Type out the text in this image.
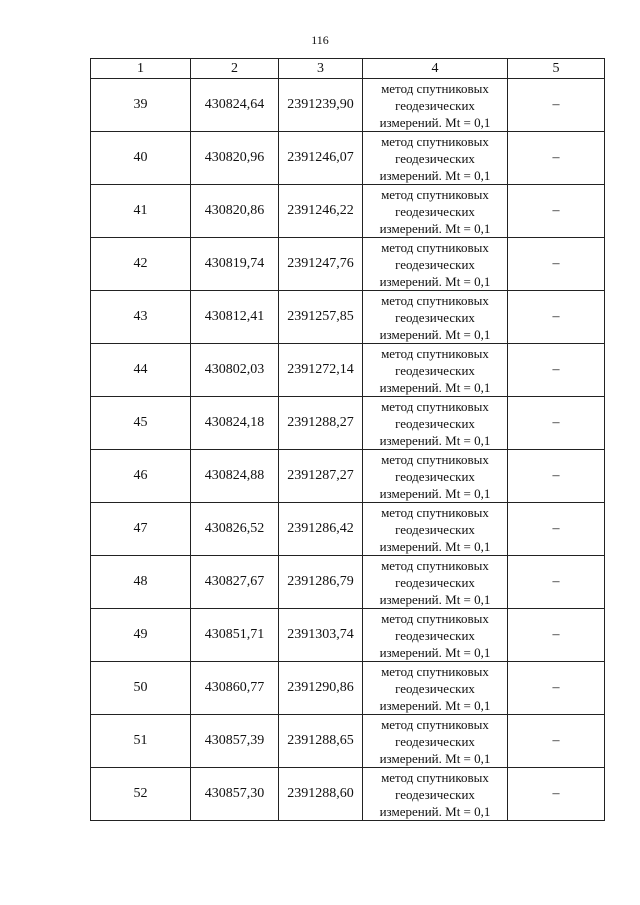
116
1	2	3	4	5
39	430824,64	2391239,90	метод спутниковых
геодезических
измерений. Mt = 0,1	–
40	430820,96	2391246,07	метод спутниковых
геодезических
измерений. Mt = 0,1	–
41	430820,86	2391246,22	метод спутниковых
геодезических
измерений. Mt = 0,1	–
42	430819,74	2391247,76	метод спутниковых
геодезических
измерений. Mt = 0,1	–
43	430812,41	2391257,85	метод спутниковых
геодезических
измерений. Mt = 0,1	–
44	430802,03	2391272,14	метод спутниковых
геодезических
измерений. Mt = 0,1	–
45	430824,18	2391288,27	метод спутниковых
геодезических
измерений. Mt = 0,1	–
46	430824,88	2391287,27	метод спутниковых
геодезических
измерений. Mt = 0,1	–
47	430826,52	2391286,42	метод спутниковых
геодезических
измерений. Mt = 0,1	–
48	430827,67	2391286,79	метод спутниковых
геодезических
измерений. Mt = 0,1	–
49	430851,71	2391303,74	метод спутниковых
геодезических
измерений. Mt = 0,1	–
50	430860,77	2391290,86	метод спутниковых
геодезических
измерений. Mt = 0,1	–
51	430857,39	2391288,65	метод спутниковых
геодезических
измерений. Mt = 0,1	–
52	430857,30	2391288,60	метод спутниковых
геодезических
измерений. Mt = 0,1	–
